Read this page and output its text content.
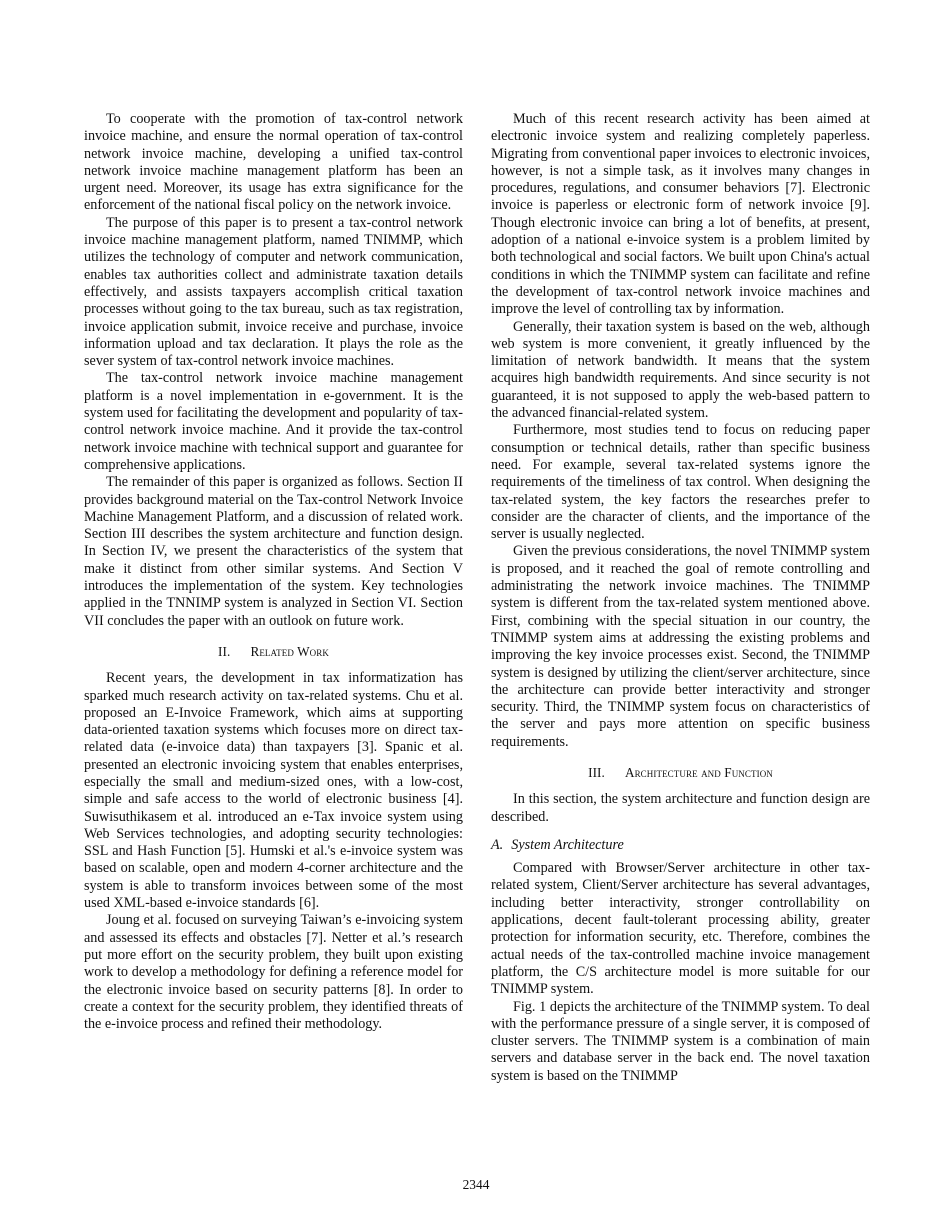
To cooperate with the promotion of tax-control network invoice machine, and ensure the normal operation of tax-control network invoice machine, developing a unified tax-control network invoice machine management platform has been an urgent need. Moreover, its usage has extra significance for the enforcement of the national fiscal policy on the network invoice.

The purpose of this paper is to present a tax-control network invoice machine management platform, named TNIMMP, which utilizes the technology of computer and network communication, enables tax authorities collect and administrate taxation details effectively, and assists taxpayers accomplish critical taxation processes without going to the tax bureau, such as tax registration, invoice application submit, invoice receive and purchase, invoice information upload and tax declaration. It plays the role as the sever system of tax-control network invoice machines.

The tax-control network invoice machine management platform is a novel implementation in e-government. It is the system used for facilitating the development and popularity of tax-control network invoice machine. And it provide the tax-control network invoice machine with technical support and guarantee for comprehensive applications.

The remainder of this paper is organized as follows. Section II provides background material on the Tax-control Network Invoice Machine Management Platform, and a discussion of related work. Section III describes the system architecture and function design. In Section IV, we present the characteristics of the system that make it distinct from other similar systems. And Section V introduces the implementation of the system. Key technologies applied in the TNNIMP system is analyzed in Section VI. Section VII concludes the paper with an outlook on future work.

II. Related Work

Recent years, the development in tax informatization has sparked much research activity on tax-related systems. Chu et al. proposed an E-Invoice Framework, which aims at supporting data-oriented taxation systems which focuses more on direct tax-related data (e-invoice data) than taxpayers [3]. Spanic et al. presented an electronic invoicing system that enables enterprises, especially the small and medium-sized ones, with a low-cost, simple and safe access to the world of electronic business [4]. Suwisuthikasem et al. introduced an e-Tax invoice system using Web Services technologies, and adopting security technologies: SSL and Hash Function [5]. Humski et al.'s e-invoice system was based on scalable, open and modern 4-corner architecture and the system is able to transform invoices between some of the most used XML-based e-invoice standards [6].

Joung et al. focused on surveying Taiwan’s e-invoicing system and assessed its effects and obstacles [7]. Netter et al.’s research put more effort on the security problem, they built upon existing work to develop a methodology for defining a reference model for the electronic invoice based on security patterns [8]. In order to create a context for the security problem, they identified threats of the e-invoice process and refined their methodology.

Much of this recent research activity has been aimed at electronic invoice system and realizing completely paperless. Migrating from conventional paper invoices to electronic invoices, however, is not a simple task, as it involves many changes in procedures, regulations, and consumer behaviors [7]. Electronic invoice is paperless or electronic form of network invoice [9]. Though electronic invoice can bring a lot of benefits, at present, adoption of a national e-invoice system is a problem limited by both technological and social factors. We built upon China's actual conditions in which the TNIMMP system can facilitate and refine the development of tax-control network invoice machines and improve the level of controlling tax by information.

Generally, their taxation system is based on the web, although web system is more convenient, it greatly influenced by the limitation of network bandwidth. It means that the system acquires high bandwidth requirements. And since security is not guaranteed, it is not supposed to apply the web-based pattern to the advanced financial-related system.

Furthermore, most studies tend to focus on reducing paper consumption or technical details, rather than specific business need. For example, several tax-related systems ignore the requirements of the timeliness of tax control. When designing the tax-related system, the key factors the researches prefer to consider are the character of clients, and the importance of the server is usually neglected.

Given the previous considerations, the novel TNIMMP system is proposed, and it reached the goal of remote controlling and administrating the network invoice machines. The TNIMMP system is different from the tax-related system mentioned above. First, combining with the special situation in our country, the TNIMMP system aims at addressing the existing problems and improving the key invoice processes exist. Second, the TNIMMP system is designed by utilizing the client/server architecture, since the architecture can provide better interactivity and stronger security. Third, the TNIMMP system focus on characteristics of the server and pays more attention on specific business requirements.

III. Architecture and Function

In this section, the system architecture and function design are described.

A. System Architecture

Compared with Browser/Server architecture in other tax-related system, Client/Server architecture has several advantages, including better interactivity, stronger controllability on applications, decent fault-tolerant processing ability, greater protection for information security, etc. Therefore, combines the actual needs of the tax-controlled machine invoice management platform, the C/S architecture model is more suitable for our TNIMMP system.

Fig. 1 depicts the architecture of the TNIMMP system. To deal with the performance pressure of a single server, it is composed of cluster servers. The TNIMMP system is a combination of main servers and database server in the back end. The novel taxation system is based on the TNIMMP

2344
